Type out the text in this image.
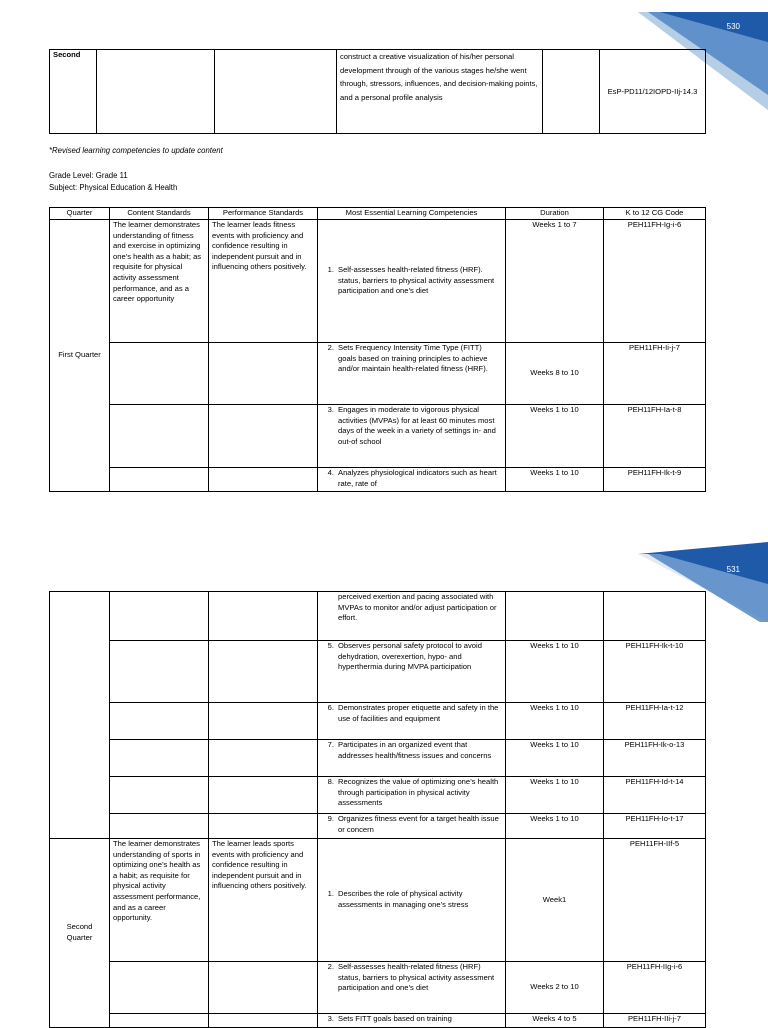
530
Second			construct a creative visualization of his/her personal development through of the various stages he/she went through, stressors, influences, and decision-making points, and a personal profile analysis		EsP-PD11/12IOPD-IIj-14.3
*Revised learning competencies to update content
Grade Level: Grade 11
Subject: Physical Education & Health
Quarter	Content Standards	Performance Standards	Most Essential Learning Competencies	Duration	K to 12 CG Code
First Quarter	The learner demonstrates understanding of fitness and exercise in optimizing one’s health as a habit; as requisite for physical activity assessment performance, and as a career opportunity	The learner leads fitness events with proficiency and confidence resulting in independent pursuit and in influencing others positively.	1. Self-assesses health-related fitness (HRF). status, barriers to physical activity assessment participation and one’s diet	Weeks 1 to 7	PEH11FH-Ig-i-6

			2. Sets Frequency Intensity Time Type (FITT) goals based on training principles to achieve and/or maintain health-related fitness (HRF).	Weeks 8 to 10	PEH11FH-Ii-j-7

			3. Engages in moderate to vigorous physical activities (MVPAs) for at least 60 minutes most days of the week in a variety of settings in- and out-of school	Weeks 1 to 10	PEH11FH-Ia-t-8

			4. Analyzes physiological indicators such as heart rate, rate of	Weeks 1 to 10	PEH11FH-Ik-t-9
531

			perceived exertion and pacing associated with MVPAs to monitor and/or adjust participation or effort.		

			5. Observes personal safety protocol to avoid dehydration, overexertion, hypo- and hyperthermia during MVPA participation	Weeks 1 to 10	PEH11FH-Ik-t-10

			6. Demonstrates proper etiquette and safety in the use of facilities and equipment	Weeks 1 to 10	PEH11FH-Ia-t-12

			7. Participates in an organized event that addresses health/fitness issues and concerns	Weeks 1 to 10	PEH11FH-Ik-o-13

			8. Recognizes the value of optimizing one’s health through participation in physical activity assessments	Weeks 1 to 10	PEH11FH-Id-t-14

			9. Organizes fitness event for a target health issue or concern	Weeks 1 to 10	PEH11FH-Io-t-17
Second Quarter	The learner demonstrates understanding of sports in optimizing one’s health as a habit; as requisite for physical activity assessment performance, and as a career opportunity.	The learner leads sports events with proficiency and confidence resulting in independent pursuit and in influencing others positively.	1. Describes the role of physical activity assessments in managing one’s stress	Week1	PEH11FH-IIf-5

			2. Self-assesses health-related fitness (HRF) status, barriers to physical activity assessment participation and one’s diet	Weeks 2 to 10	PEH11FH-IIg-i-6

			3. Sets FITT goals based on training	Weeks 4 to 5	PEH11FH-IIi-j-7
